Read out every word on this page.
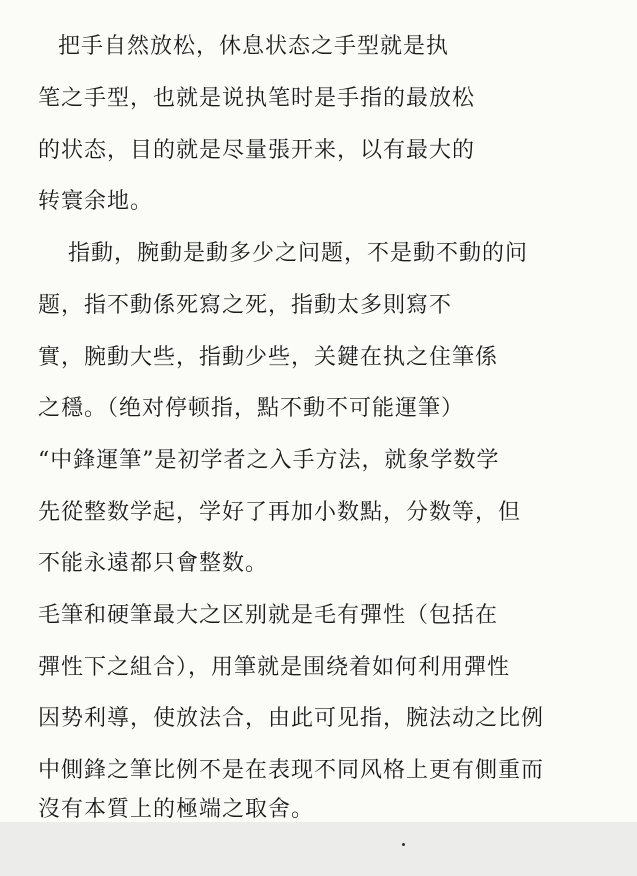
把手自然放松，休息状态之手型就是执
笔之手型，也就是说执笔时是手指的最放松
的状态，目的就是尽量張开来，以有最大的
转寰余地。
指動，腕動是動多少之问题，不是動不動的问
题，指不動係死寫之死，指動太多則寫不
實，腕動大些，指動少些，关鍵在执之住筆係
之穩。（绝对停顿指，點不動不可能運筆）
“中鋒運筆”是初学者之入手方法，就象学数学
先從整数学起，学好了再加小数點，分数等，但
不能永遠都只會整数。
毛筆和硬筆最大之区别就是毛有彈性（包括在
彈性下之組合），用筆就是围绕着如何利用彈性
因势利導，使放法合，由此可见指，腕法动之比例
中側鋒之筆比例不是在表现不同风格上更有側重而
沒有本質上的極端之取舍。
